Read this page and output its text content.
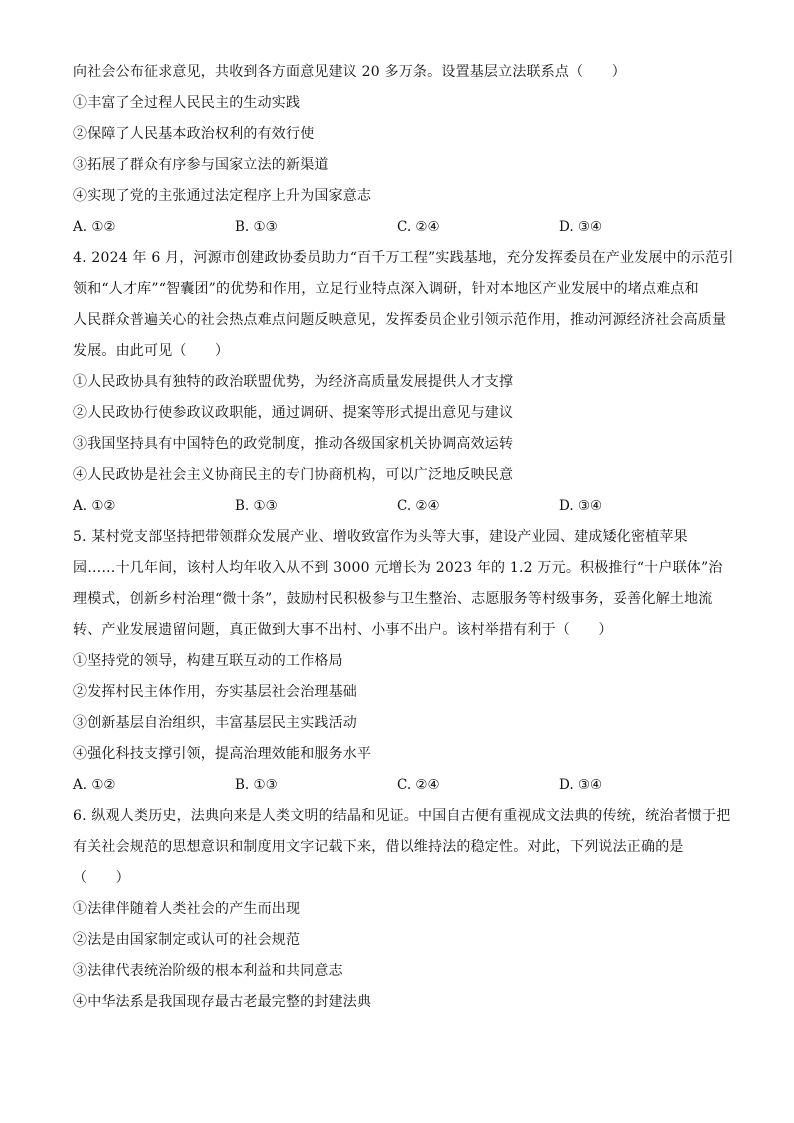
向社会公布征求意见，共收到各方面意见建议 20 多万条。设置基层立法联系点（　　）
①丰富了全过程人民民主的生动实践
②保障了人民基本政治权利的有效行使
③拓展了群众有序参与国家立法的新渠道
④实现了党的主张通过法定程序上升为国家意志
A. ①②	B. ①③	C. ②④	D. ③④
4. 2024 年 6 月，河源市创建政协委员助力“百千万工程”实践基地，充分发挥委员在产业发展中的示范引
领和“人才库”“智囊团”的优势和作用，立足行业特点深入调研，针对本地区产业发展中的堵点难点和
人民群众普遍关心的社会热点难点问题反映意见，发挥委员企业引领示范作用，推动河源经济社会高质量
发展。由此可见（　　）
①人民政协具有独特的政治联盟优势，为经济高质量发展提供人才支撑
②人民政协行使参政议政职能，通过调研、提案等形式提出意见与建议
③我国坚持具有中国特色的政党制度，推动各级国家机关协调高效运转
④人民政协是社会主义协商民主的专门协商机构，可以广泛地反映民意
A. ①②	B. ①③	C. ②④	D. ③④
5. 某村党支部坚持把带领群众发展产业、增收致富作为头等大事，建设产业园、建成矮化密植苹果
园……十几年间，该村人均年收入从不到 3000 元增长为 2023 年的 1.2 万元。积极推行“十户联体”治
理模式，创新乡村治理“微十条”，鼓励村民积极参与卫生整治、志愿服务等村级事务，妥善化解土地流
转、产业发展遗留问题，真正做到大事不出村、小事不出户。该村举措有利于（　　）
①坚持党的领导，构建互联互动的工作格局
②发挥村民主体作用，夯实基层社会治理基础
③创新基层自治组织，丰富基层民主实践活动
④强化科技支撑引领，提高治理效能和服务水平
A. ①②	B. ①③	C. ②④	D. ③④
6. 纵观人类历史，法典向来是人类文明的结晶和见证。中国自古便有重视成文法典的传统，统治者惯于把
有关社会规范的思想意识和制度用文字记载下来，借以维持法的稳定性。对此，下列说法正确的是
（　　）
①法律伴随着人类社会的产生而出现
②法是由国家制定或认可的社会规范
③法律代表统治阶级的根本利益和共同意志
④中华法系是我国现存最古老最完整的封建法典
